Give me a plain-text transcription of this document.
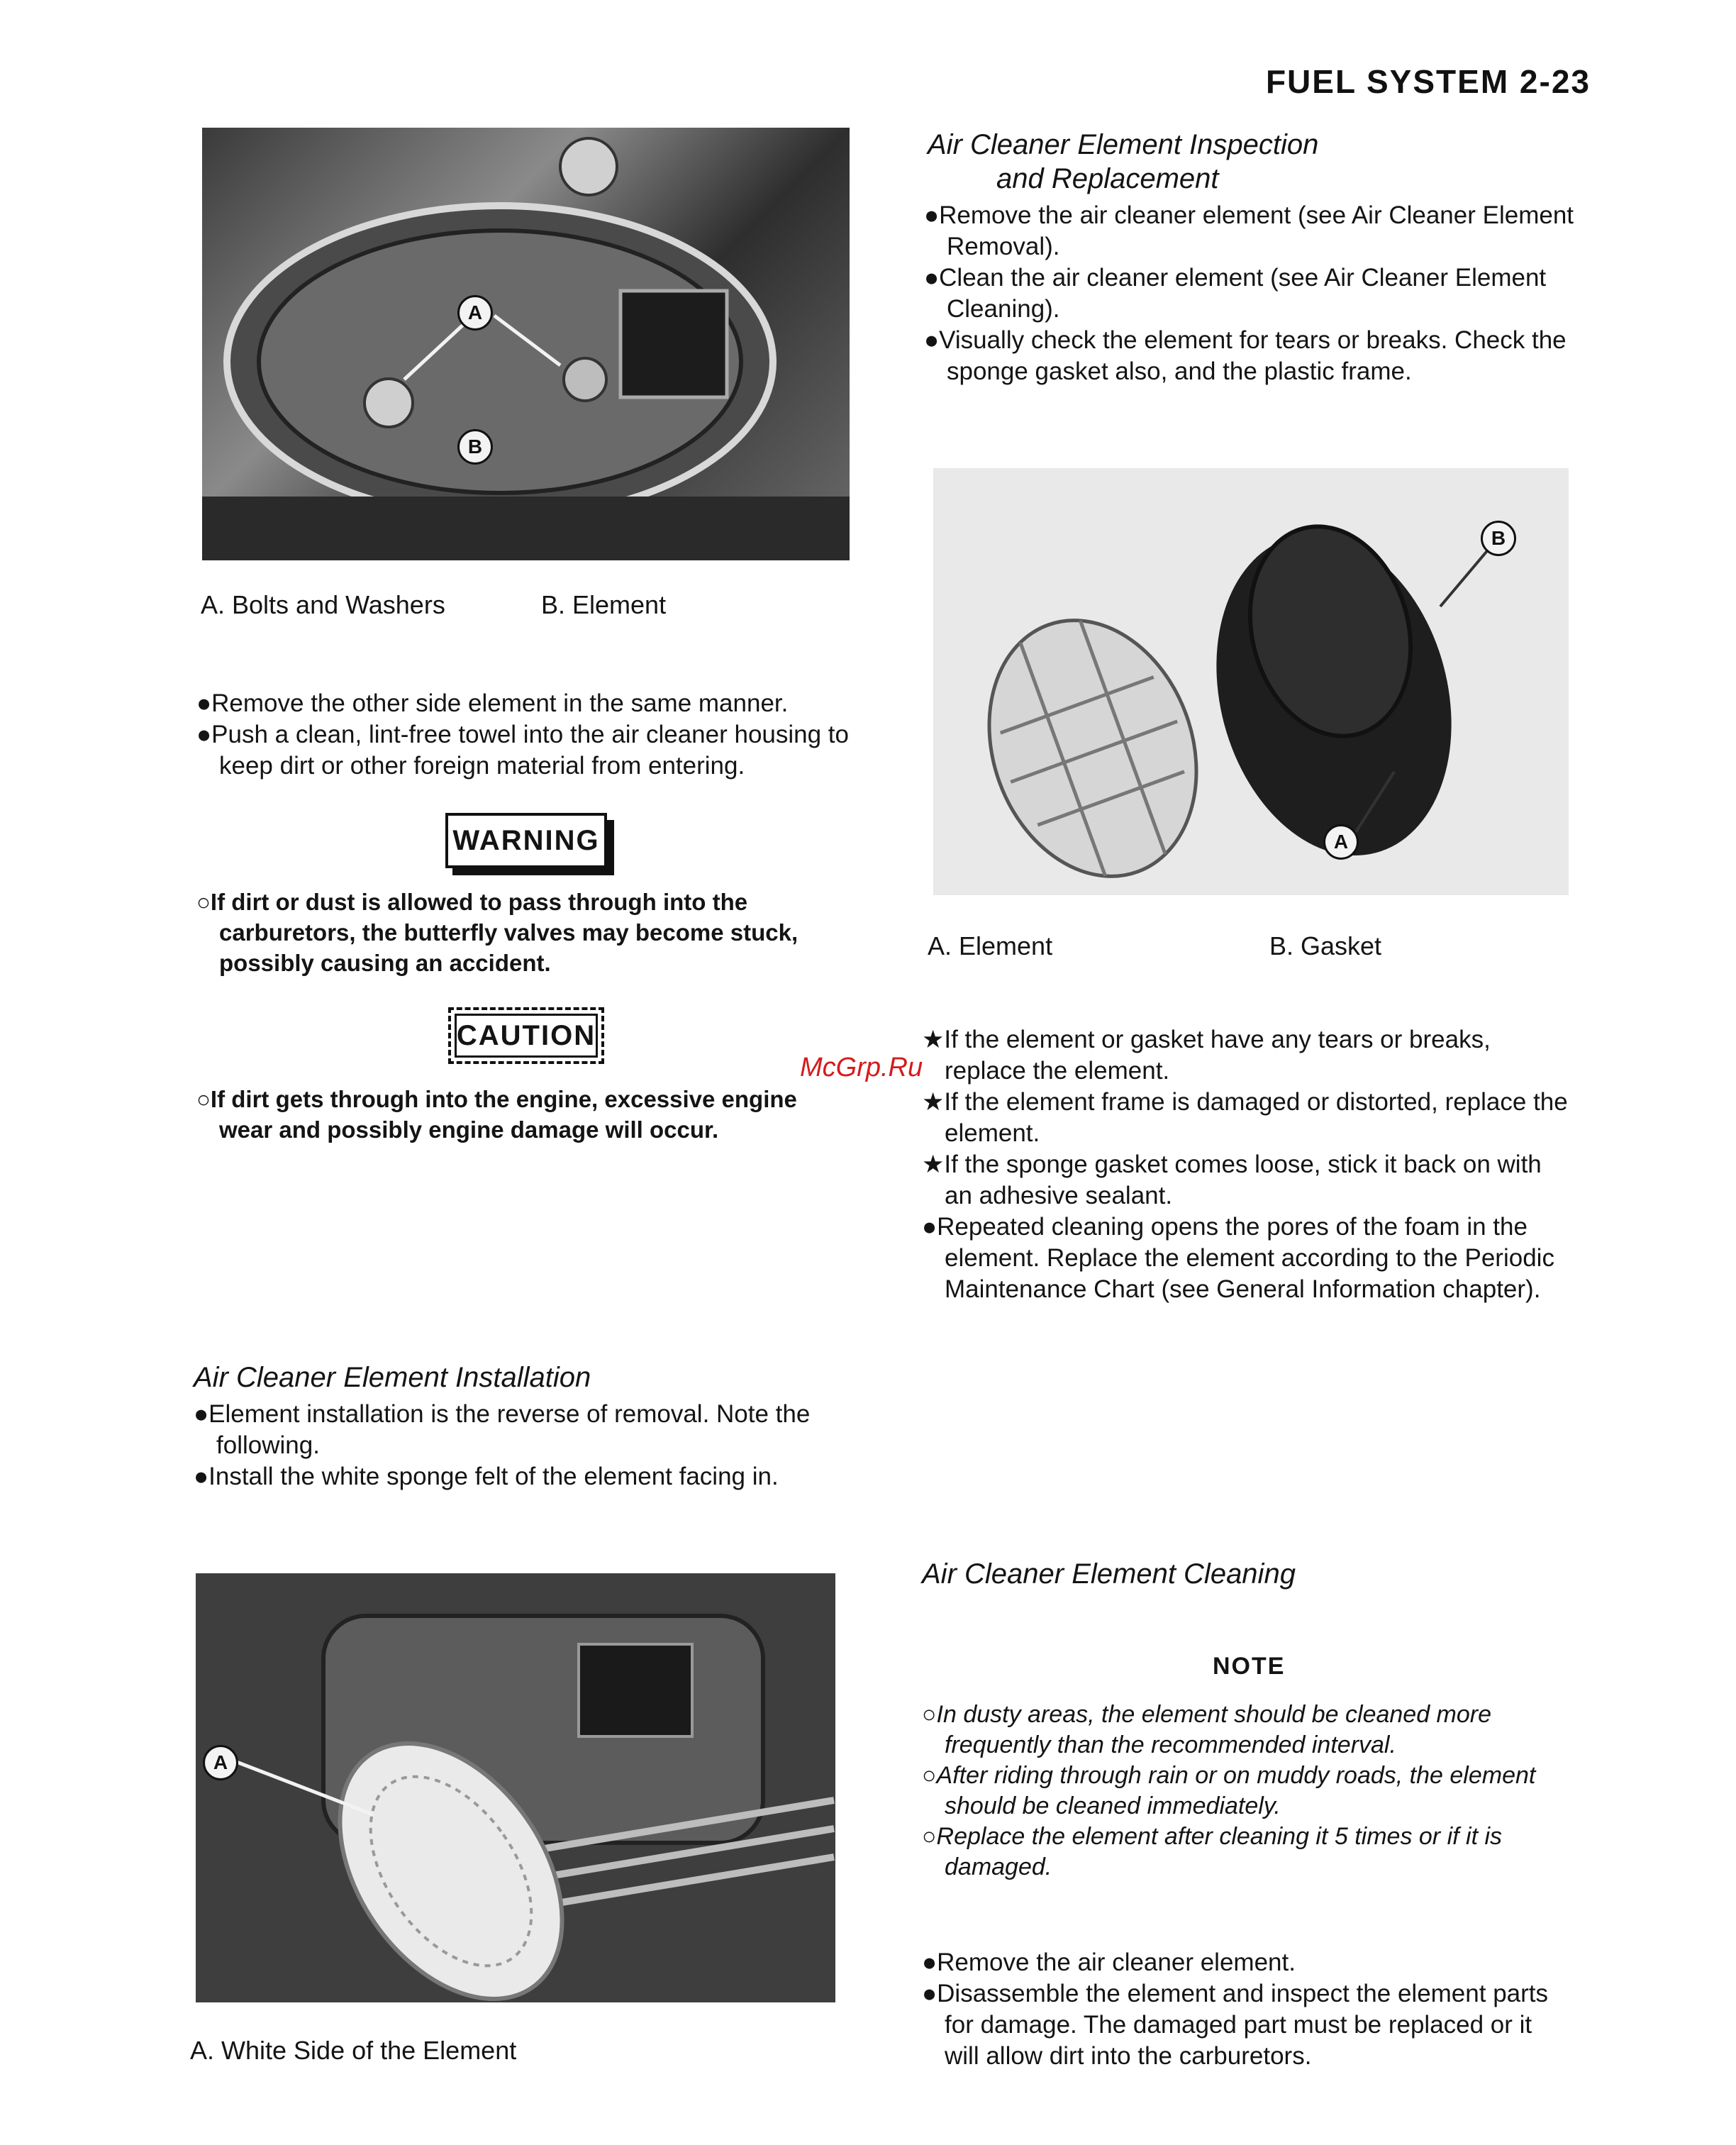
FUEL SYSTEM 2-23
A
B
A. Bolts and Washers	B. Element
●Remove the other side element in the same manner.
●Push a clean, lint-free towel into the air cleaner housing to keep dirt or other foreign material from entering.
WARNING
○If dirt or dust is allowed to pass through into the carburetors, the butterfly valves may become stuck, possibly causing an accident.
CAUTION
○If dirt gets through into the engine, excessive engine wear and possibly engine damage will occur.
McGrp.Ru
Air Cleaner Element Installation
●Element installation is the reverse of removal. Note the following.
●Install the white sponge felt of the element facing in.
A
A. White Side of the Element
Air Cleaner Element Inspection
and Replacement
●Remove the air cleaner element (see Air Cleaner Element Removal).
●Clean the air cleaner element (see Air Cleaner Element Cleaning).
●Visually check the element for tears or breaks. Check the sponge gasket also, and the plastic frame.
B
A
A. Element	B. Gasket
★If the element or gasket have any tears or breaks, replace the element.
★If the element frame is damaged or distorted, replace the element.
★If the sponge gasket comes loose, stick it back on with an adhesive sealant.
●Repeated cleaning opens the pores of the foam in the element. Replace the element according to the Periodic Maintenance Chart (see General Information chapter).
Air Cleaner Element Cleaning
NOTE
○In dusty areas, the element should be cleaned more frequently than the recommended interval.
○After riding through rain or on muddy roads, the element should be cleaned immediately.
○Replace the element after cleaning it 5 times or if it is damaged.
●Remove the air cleaner element.
●Disassemble the element and inspect the element parts for damage. The damaged part must be replaced or it will allow dirt into the carburetors.
